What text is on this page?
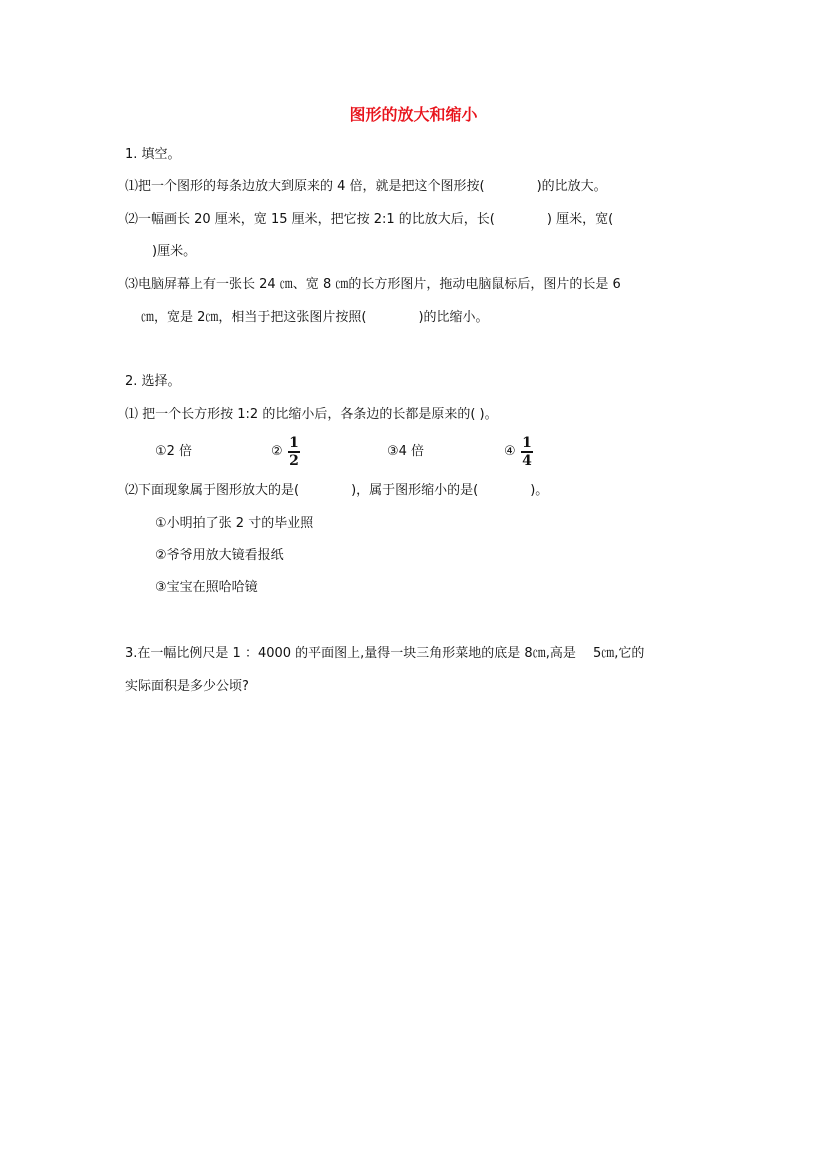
图形的放大和缩小
1. 填空。
⑴把一个图形的每条边放大到原来的 4 倍，就是把这个图形按(　　　　)的比放大。
⑵一幅画长 20 厘米，宽 15 厘米，把它按 2:1 的比放大后，长(　　　　) 厘米，宽(
)厘米。
⑶电脑屏幕上有一张长 24 ㎝、宽 8 ㎝的长方形图片，拖动电脑鼠标后，图片的长是 6
㎝，宽是 2㎝，相当于把这张图片按照(　　　　)的比缩小。
2. 选择。
⑴ 把一个长方形按 1:2 的比缩小后，各条边的长都是原来的( )。
①2 倍	②
1
2
③4 倍	④
1
4
⑵下面现象属于图形放大的是(　　　　)，属于图形缩小的是(　　　　)。
①小明拍了张 2 寸的毕业照
②爷爷用放大镜看报纸
③宝宝在照哈哈镜
3.在一幅比例尺是 1 ：4000 的平面图上,量得一块三角形菜地的底是 8㎝,高是　 5㎝,它的
实际面积是多少公顷?
